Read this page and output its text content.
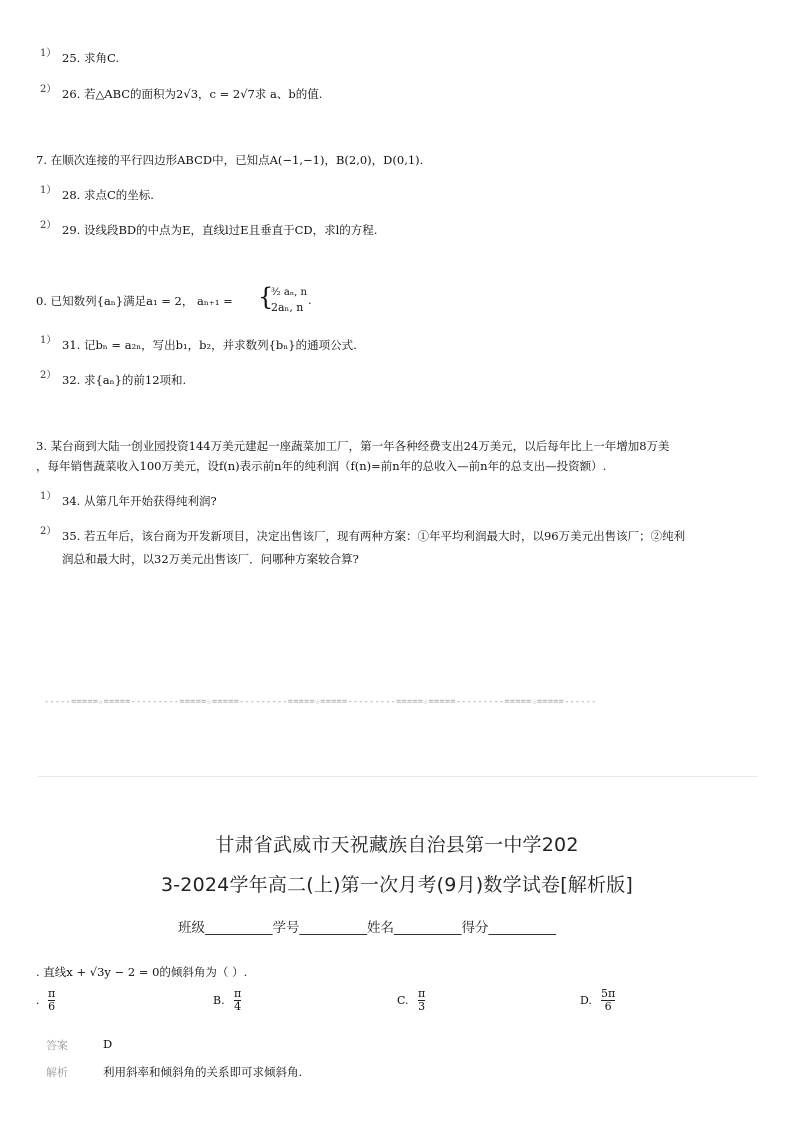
1） 25. 求角C.
2） 26. 若△ABC的面积为2√3，c = 2√7求 a、b的值.
7. 在顺次连接的平行四边形ABCD中，已知点A(−1,−1)，B(2,0)，D(0,1).
1） 28. 求点C的坐标.
2） 29. 设线段BD的中点为E，直线l过E且垂直于CD，求l的方程.
0. 已知数列{aₙ}满足a₁ = 2， aₙ₊₁ = {
³⁄₂ aₙ, n
2aₙ, n
.
1） 31. 记bₙ = a₂ₙ，写出b₁，b₂，并求数列{bₙ}的通项公式.
2） 32. 求{aₙ}的前12项和.
3. 某台商到大陆一创业园投资144万美元建起一座蔬菜加工厂，第一年各种经费支出24万美元，以后每年比上一年增加8万美
，每年销售蔬菜收入100万美元，设f(n)表示前n年的纯利润（f(n)=前n年的总收入—前n年的总支出—投资额）.
1） 34. 从第几年开始获得纯利润?
2） 35. 若五年后，该台商为开发新项目，决定出售该厂，现有两种方案：①年平均利润最大时，以96万美元出售该厂；②纯利
润总和最大时，以32万美元出售该厂．问哪种方案较合算?
-----=====☆=====---------=====☆=====---------=====☆=====---------=====☆=====---------=====☆=====------
甘肃省武威市天祝藏族自治县第一中学202
3-2024学年高二(上)第一次月考(9月)数学试卷[解析版]
班级__________学号__________姓名__________得分__________
. 直线x + √3y − 2 = 0的倾斜角为（ ）.
.
π
6	B.
π
4	C.
π
3	D.
5π
6
答案	D
解析	利用斜率和倾斜角的关系即可求倾斜角.
